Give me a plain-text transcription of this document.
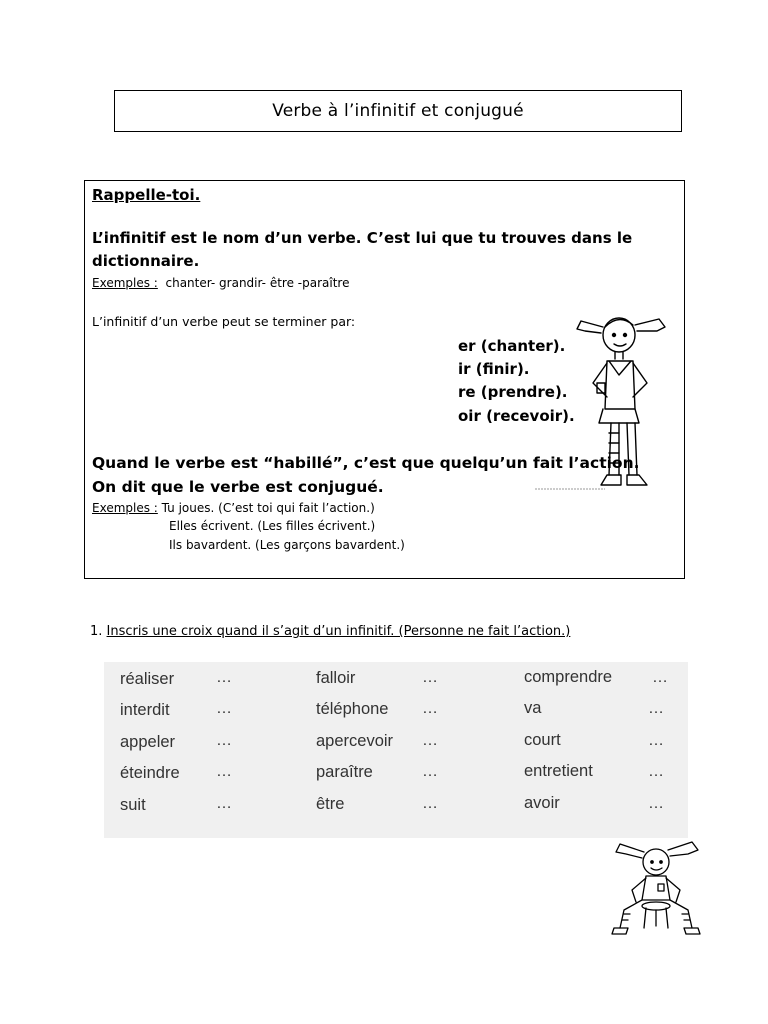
Verbe à l’infinitif et conjugué
Rappelle-toi.
L’infinitif est le nom d’un verbe. C’est lui que tu trouves dans le
dictionnaire.
Exemples : chanter- grandir- être -paraître
L’infinitif d’un verbe peut se terminer par:
er (chanter).
ir (finir).
re (prendre).
oir (recevoir).
Quand le verbe est “habillé”, c’est que quelqu’un fait l’action.
On dit que le verbe est conjugué.
Exemples : Tu joues. (C’est toi qui fait l’action.)
Elles écrivent. (Les filles écrivent.)
Ils bavardent. (Les garçons bavardent.)
1. Inscris une croix quand il s’agit d’un infinitif. (Personne ne fait l’action.)
réaliser
interdit
appeler
éteindre
suit
…
…
…
…
…
falloir
téléphone
apercevoir
paraître
être
…
…
…
…
…
comprendre
va
court
entretient
avoir
…
…
…
…
…
